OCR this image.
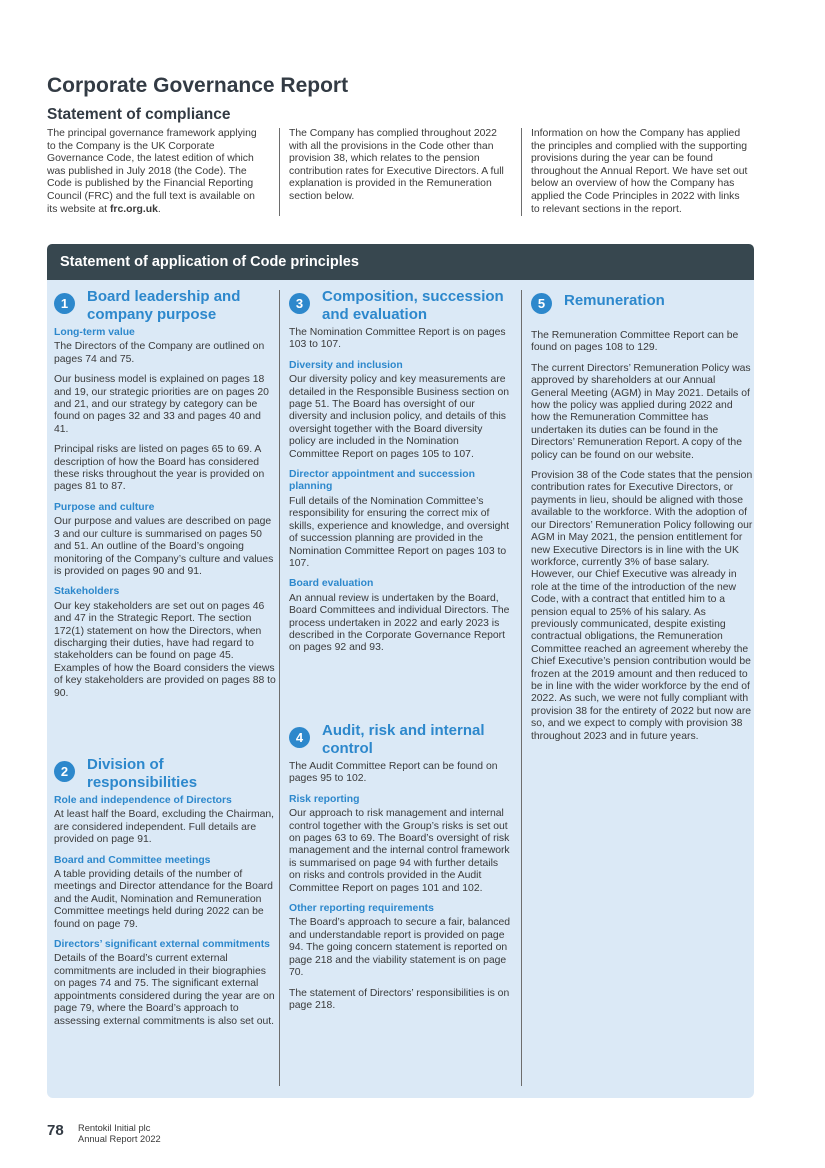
Corporate Governance Report
Statement of compliance

The principal governance framework applying to the Company is the UK Corporate Governance Code, the latest edition of which was published in July 2018 (the Code). The Code is published by the Financial Reporting Council (FRC) and the full text is available on its website at frc.org.uk.

The Company has complied throughout 2022 with all the provisions in the Code other than provision 38, which relates to the pension contribution rates for Executive Directors. A full explanation is provided in the Remuneration section below.

Information on how the Company has applied the principles and complied with the supporting provisions during the year can be found throughout the Annual Report. We have set out below an overview of how the Company has applied the Code Principles in 2022 with links to relevant sections in the report.

Statement of application of Code principles
1	Board leadership and company purpose
Long-term value

The Directors of the Company are outlined on pages 74 and 75.

Our business model is explained on pages 18 and 19, our strategic priorities are on pages 20 and 21, and our strategy by category can be found on pages 32 and 33 and pages 40 and 41.

Principal risks are listed on pages 65 to 69. A description of how the Board has considered these risks throughout the year is provided on pages 81 to 87.

Purpose and culture

Our purpose and values are described on page 3 and our culture is summarised on pages 50 and 51. An outline of the Board’s ongoing monitoring of the Company’s culture and values is provided on pages 90 and 91.

Stakeholders

Our key stakeholders are set out on pages 46 and 47 in the Strategic Report. The section 172(1) statement on how the Directors, when discharging their duties, have had regard to stakeholders can be found on page 45. Examples of how the Board considers the views of key stakeholders are provided on pages 88 to 90.

2	Division of responsibilities
Role and independence of Directors

At least half the Board, excluding the Chairman, are considered independent. Full details are provided on page 91.

Board and Committee meetings

A table providing details of the number of meetings and Director attendance for the Board and the Audit, Nomination and Remuneration Committee meetings held during 2022 can be found on page 79.

Directors’ significant external commitments

Details of the Board’s current external commitments are included in their biographies on pages 74 and 75. The significant external appointments considered during the year are on page 79, where the Board’s approach to assessing external commitments is also set out.

3	Composition, succession and evaluation

The Nomination Committee Report is on pages 103 to 107.

Diversity and inclusion

Our diversity policy and key measurements are detailed in the Responsible Business section on page 51. The Board has oversight of our diversity and inclusion policy, and details of this oversight together with the Board diversity policy are included in the Nomination Committee Report on pages 105 to 107.

Director appointment and succession planning

Full details of the Nomination Committee’s responsibility for ensuring the correct mix of skills, experience and knowledge, and oversight of succession planning are provided in the Nomination Committee Report on pages 103 to 107.

Board evaluation

An annual review is undertaken by the Board, Board Committees and individual Directors. The process undertaken in 2022 and early 2023 is described in the Corporate Governance Report on pages 92 and 93.

4	Audit, risk and internal control

The Audit Committee Report can be found on pages 95 to 102.

Risk reporting

Our approach to risk management and internal control together with the Group’s risks is set out on pages 63 to 69. The Board’s oversight of risk management and the internal control framework is summarised on page 94 with further details on risks and controls provided in the Audit Committee Report on pages 101 and 102.

Other reporting requirements

The Board’s approach to secure a fair, balanced and understandable report is provided on page 94. The going concern statement is reported on page 218 and the viability statement is on page 70.

The statement of Directors’ responsibilities is on page 218.

5	Remuneration

The Remuneration Committee Report can be found on pages 108 to 129.

The current Directors’ Remuneration Policy was approved by shareholders at our Annual General Meeting (AGM) in May 2021. Details of how the policy was applied during 2022 and how the Remuneration Committee has undertaken its duties can be found in the Directors’ Remuneration Report. A copy of the policy can be found on our website.

Provision 38 of the Code states that the pension contribution rates for Executive Directors, or payments in lieu, should be aligned with those available to the workforce. With the adoption of our Directors’ Remuneration Policy following our AGM in May 2021, the pension entitlement for new Executive Directors is in line with the UK workforce, currently 3% of base salary. However, our Chief Executive was already in role at the time of the introduction of the new Code, with a contract that entitled him to a pension equal to 25% of his salary. As previously communicated, despite existing contractual obligations, the Remuneration Committee reached an agreement whereby the Chief Executive’s pension contribution would be frozen at the 2019 amount and then reduced to be in line with the wider workforce by the end of 2022. As such, we were not fully compliant with provision 38 for the entirety of 2022 but now are so, and we expect to comply with provision 38 throughout 2023 and in future years.

78 Rentokil Initial plc
Annual Report 2022
